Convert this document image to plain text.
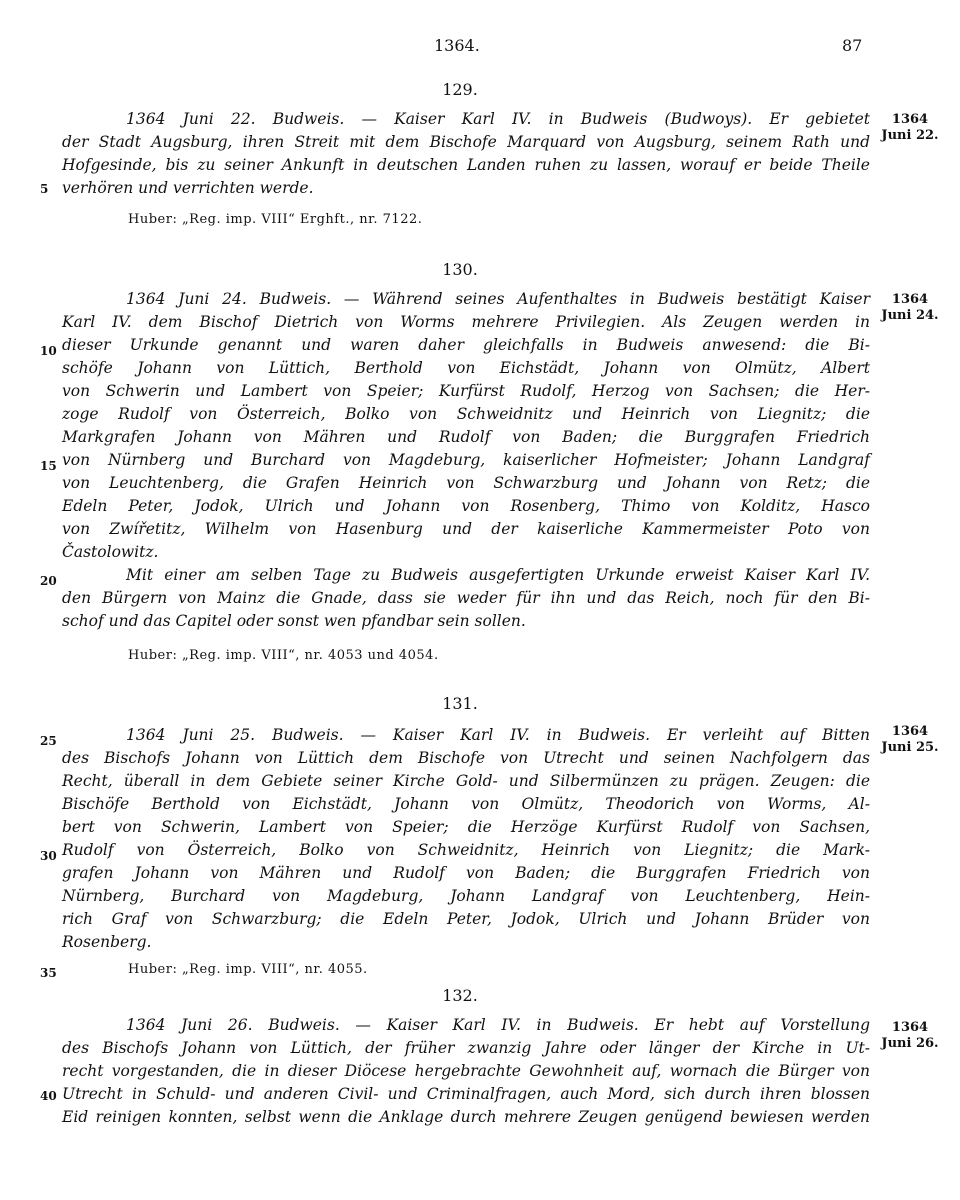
1364.	87
129.
1364
Juni 22.
1364 Juni 22. Budweis. — Kaiser Karl IV. in Budweis (Budwoys). Er gebietet
der Stadt Augsburg, ihren Streit mit dem Bischofe Marquard von Augsburg, seinem Rath und
Hofgesinde, bis zu seiner Ankunft in deutschen Landen ruhen zu lassen, worauf er beide Theile
verhören und verrichten werde.
Huber: „Reg. imp. VIII“ Erghft., nr. 7122.
130.
1364
Juni 24.
1364 Juni 24. Budweis. — Während seines Aufenthaltes in Budweis bestätigt Kaiser
Karl IV. dem Bischof Dietrich von Worms mehrere Privilegien. Als Zeugen werden in
dieser Urkunde genannt und waren daher gleichfalls in Budweis anwesend: die Bi-
schöfe Johann von Lüttich, Berthold von Eichstädt, Johann von Olmütz, Albert
von Schwerin und Lambert von Speier; Kurfürst Rudolf, Herzog von Sachsen; die Her-
zoge Rudolf von Österreich, Bolko von Schweidnitz und Heinrich von Liegnitz; die
Markgrafen Johann von Mähren und Rudolf von Baden; die Burggrafen Friedrich
von Nürnberg und Burchard von Magdeburg, kaiserlicher Hofmeister; Johann Landgraf
von Leuchtenberg, die Grafen Heinrich von Schwarzburg und Johann von Retz; die
Edeln Peter, Jodok, Ulrich und Johann von Rosenberg, Thimo von Kolditz, Hasco
von Zwířetitz, Wilhelm von Hasenburg und der kaiserliche Kammermeister Poto von
Častolowitz.
Mit einer am selben Tage zu Budweis ausgefertigten Urkunde erweist Kaiser Karl IV.
den Bürgern von Mainz die Gnade, dass sie weder für ihn und das Reich, noch für den Bi-
schof und das Capitel oder sonst wen pfandbar sein sollen.
Huber: „Reg. imp. VIII“, nr. 4053 und 4054.
131.
1364
Juni 25.
1364 Juni 25. Budweis. — Kaiser Karl IV. in Budweis. Er verleiht auf Bitten
des Bischofs Johann von Lüttich dem Bischofe von Utrecht und seinen Nachfolgern das
Recht, überall in dem Gebiete seiner Kirche Gold- und Silbermünzen zu prägen. Zeugen: die
Bischöfe Berthold von Eichstädt, Johann von Olmütz, Theodorich von Worms, Al-
bert von Schwerin, Lambert von Speier; die Herzöge Kurfürst Rudolf von Sachsen,
Rudolf von Österreich, Bolko von Schweidnitz, Heinrich von Liegnitz; die Mark-
grafen Johann von Mähren und Rudolf von Baden; die Burggrafen Friedrich von
Nürnberg, Burchard von Magdeburg, Johann Landgraf von Leuchtenberg, Hein-
rich Graf von Schwarzburg; die Edeln Peter, Jodok, Ulrich und Johann Brüder von
Rosenberg.
Huber: „Reg. imp. VIII“, nr. 4055.
132.
1364
Juni 26.
1364 Juni 26. Budweis. — Kaiser Karl IV. in Budweis. Er hebt auf Vorstellung
des Bischofs Johann von Lüttich, der früher zwanzig Jahre oder länger der Kirche in Ut-
recht vorgestanden, die in dieser Diöcese hergebrachte Gewohnheit auf, wornach die Bürger von
Utrecht in Schuld- und anderen Civil- und Criminalfragen, auch Mord, sich durch ihren blossen
Eid reinigen konnten, selbst wenn die Anklage durch mehrere Zeugen genügend bewiesen werden
5
10
15
20
25
30
35
40
